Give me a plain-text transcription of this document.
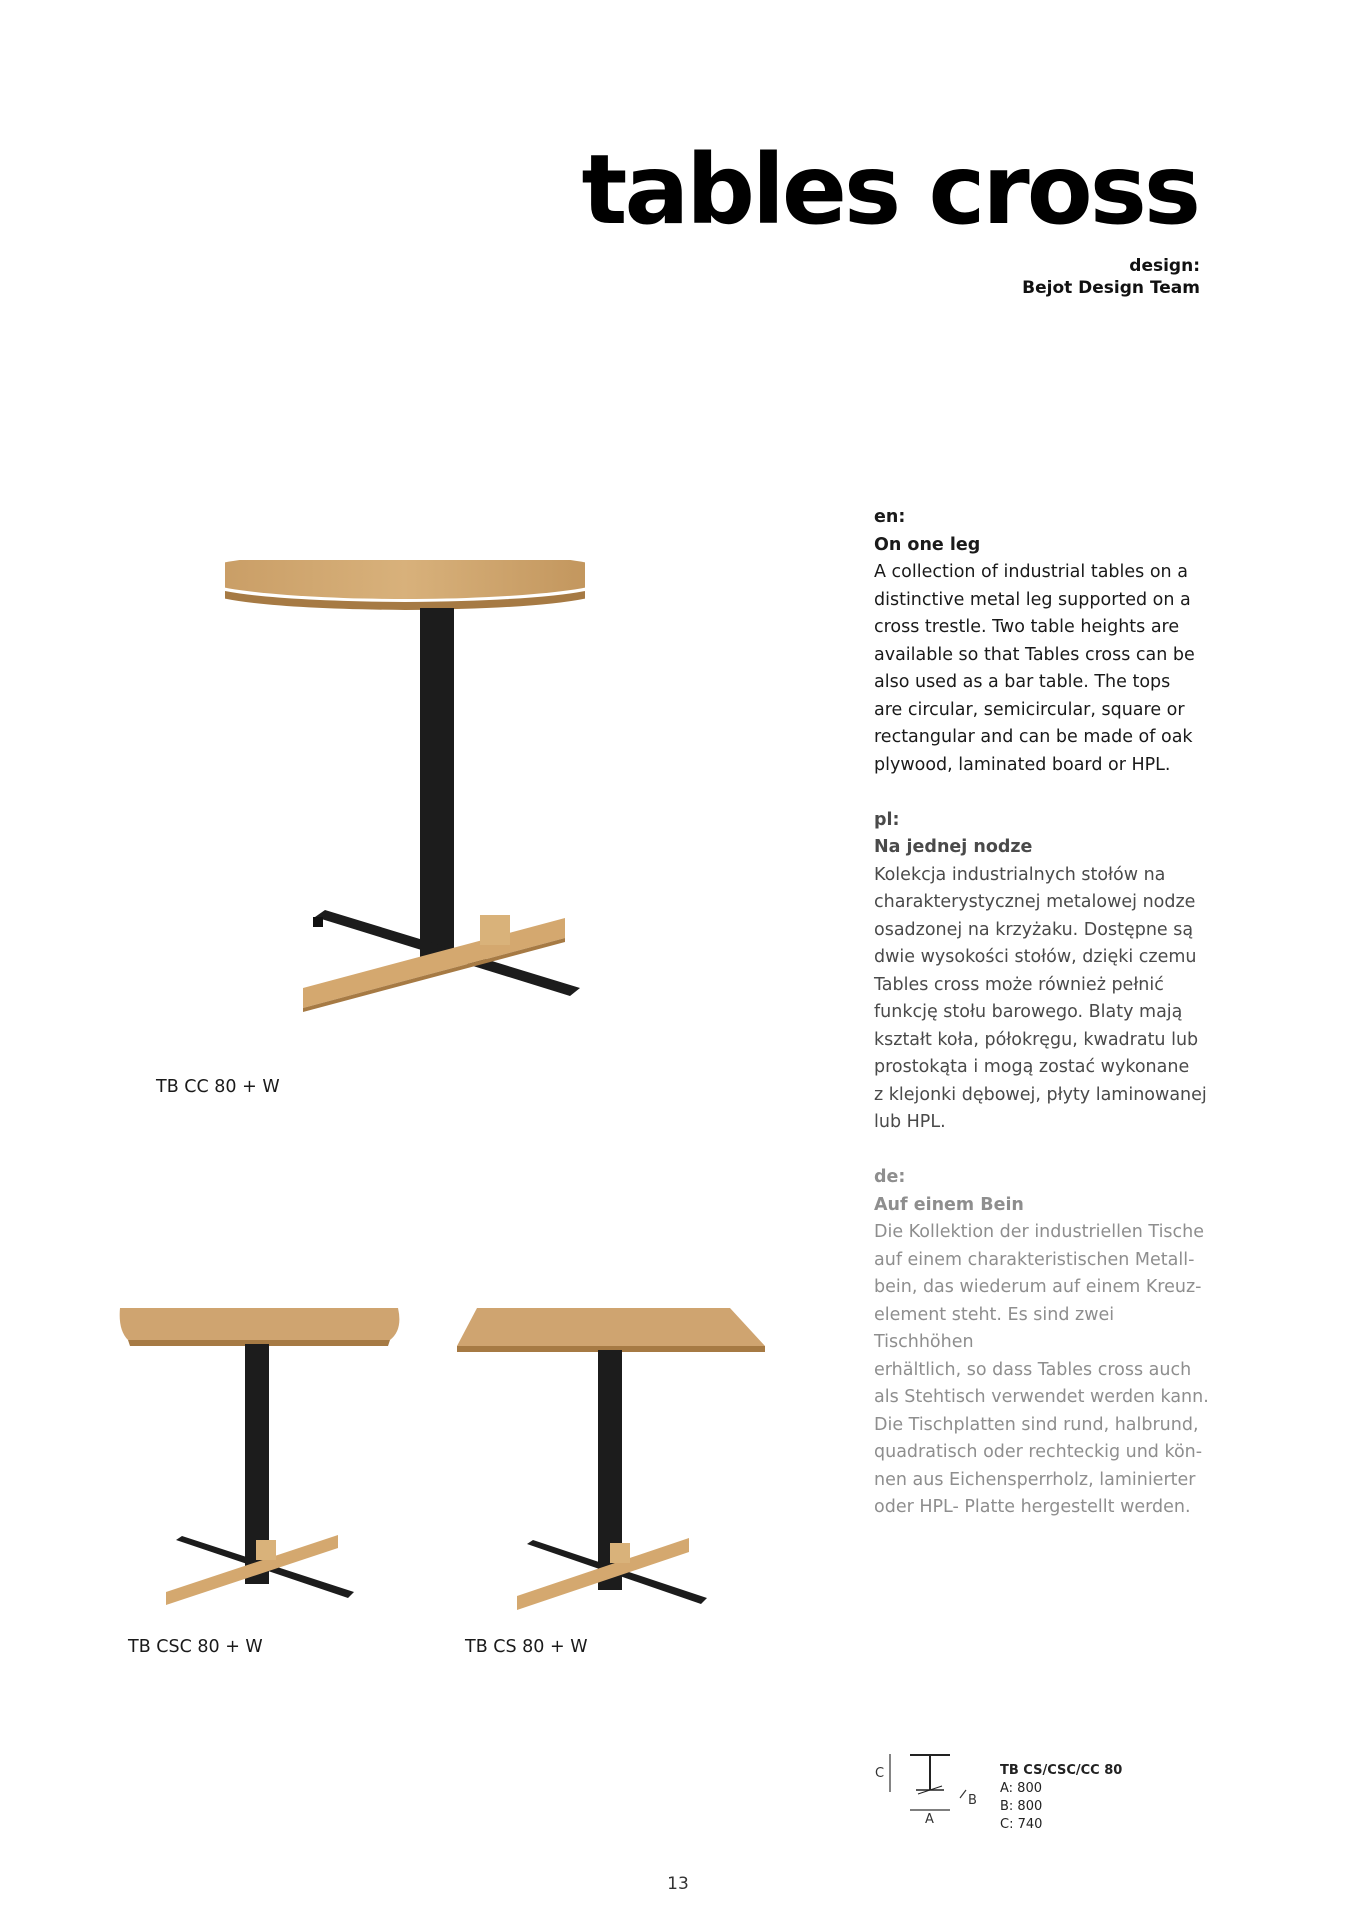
tables cross
design:
Bejot Design Team
TB CC 80 + W
TB CSC 80 + W	TB CS 80 + W
en:
On one leg
A collection of industrial tables on a
distinctive metal leg supported on a
cross trestle. Two table heights are
available so that Tables cross can be
also used as a bar table. The tops
are circular, semicircular, square or
rectangular and can be made of oak
plywood, laminated board or HPL.
pl:
Na jednej nodze
Kolekcja industrialnych stołów na
charakterystycznej metalowej nodze
osadzonej na krzyżaku. Dostępne są
dwie wysokości stołów, dzięki czemu
Tables cross może również pełnić
funkcję stołu barowego. Blaty mają
kształt koła, półokręgu, kwadratu lub
prostokąta i mogą zostać wykonane
z klejonki dębowej, płyty laminowanej
lub HPL.
de:
Auf einem Bein
Die Kollektion der industriellen Tische
auf einem charakteristischen Metall-
bein, das wiederum auf einem Kreuz-
element steht. Es sind zwei Tischhöhen
erhältlich, so dass Tables cross auch
als Stehtisch verwendet werden kann.
Die Tischplatten sind rund, halbrund,
quadratisch oder rechteckig und kön-
nen aus Eichensperrholz, laminierter
oder HPL- Platte hergestellt werden.
C
B
A
TB CS/CSC/CC 80
A: 800
B: 800
C: 740
13
